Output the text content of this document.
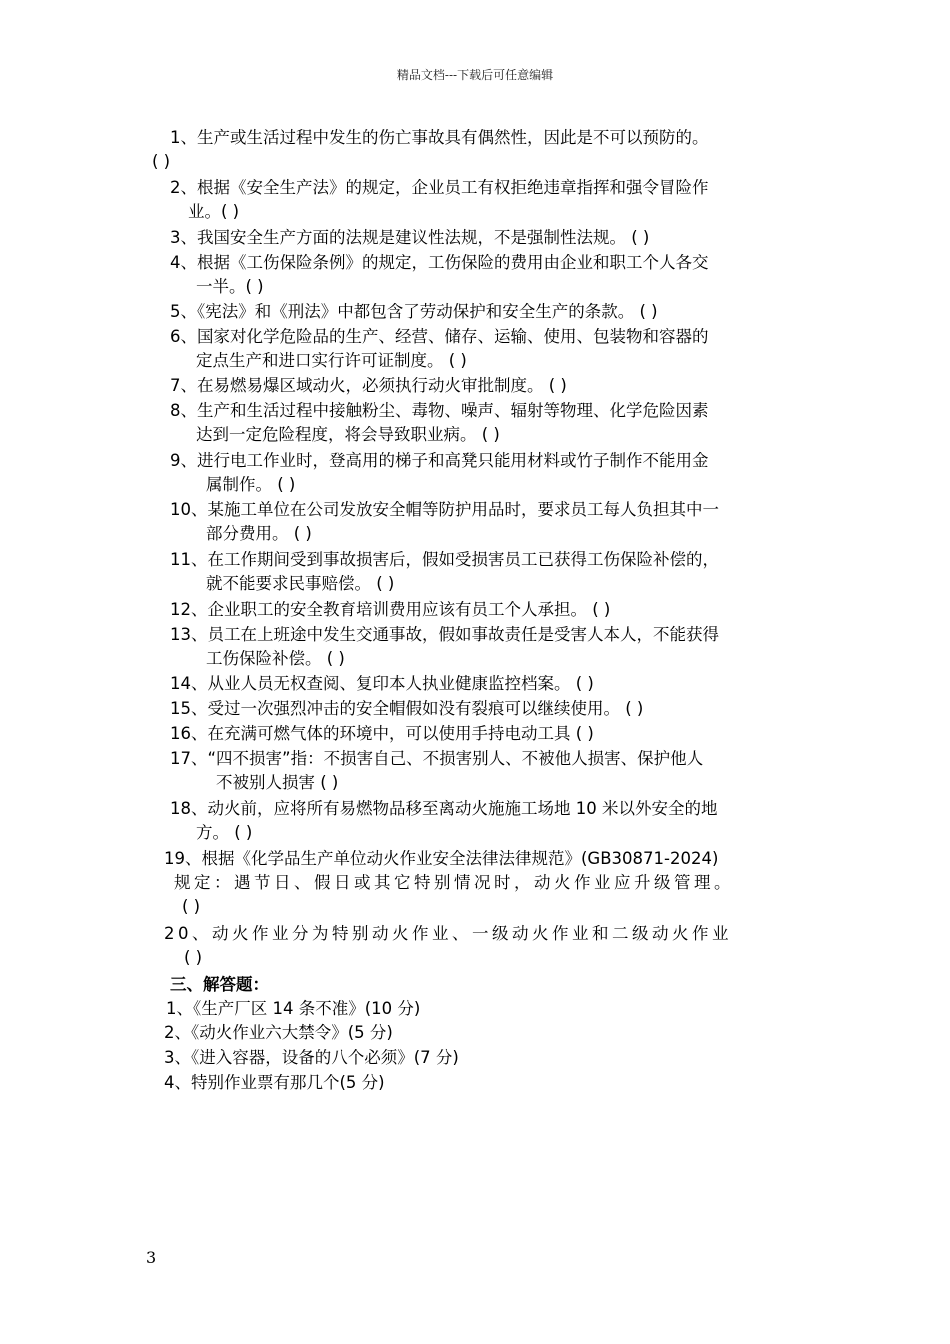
精品文档---下载后可任意编辑
1、生产或生活过程中发生的伤亡事故具有偶然性，因此是不可以预防的。
( )
2、根据《安全生产法》的规定，企业员工有权拒绝违章指挥和强令冒险作
业。( )
3、我国安全生产方面的法规是建议性法规，不是强制性法规。 ( )
4、根据《工伤保险条例》的规定，工伤保险的费用由企业和职工个人各交
一半。( )
5、《宪法》和《刑法》中都包含了劳动保护和安全生产的条款。 ( )
6、国家对化学危险品的生产、经营、储存、运输、使用、包装物和容器的
定点生产和进口实行许可证制度。 ( )
7、在易燃易爆区域动火，必须执行动火审批制度。 ( )
8、生产和生活过程中接触粉尘、毒物、噪声、辐射等物理、化学危险因素
达到一定危险程度，将会导致职业病。 ( )
9、进行电工作业时，登高用的梯子和高凳只能用材料或竹子制作不能用金
属制作。 ( )
10、某施工单位在公司发放安全帽等防护用品时，要求员工每人负担其中一
部分费用。 ( )
11、在工作期间受到事故损害后，假如受损害员工已获得工伤保险补偿的，
就不能要求民事赔偿。 ( )
12、企业职工的安全教育培训费用应该有员工个人承担。 ( )
13、员工在上班途中发生交通事故，假如事故责任是受害人本人，不能获得
工伤保险补偿。 ( )
14、从业人员无权查阅、复印本人执业健康监控档案。 ( )
15、受过一次强烈冲击的安全帽假如没有裂痕可以继续使用。 ( )
16、在充满可燃气体的环境中，可以使用手持电动工具 ( )
17、“四不损害”指：不损害自己、不损害别人、不被他人损害、保护他人
不被别人损害 ( )
18、动火前，应将所有易燃物品移至离动火施施工场地 10 米以外安全的地
方。 ( )
19、根据《化学品生产单位动火作业安全法律法律规范》(GB30871-2024)
规定：遇节日、假日或其它特别情况时，动火作业应升级管理。
( )
20、动火作业分为特别动火作业、一级动火作业和二级动火作业
( )
三、解答题：
1、《生产厂区 14 条不准》(10 分)
2、《动火作业六大禁令》(5 分)
3、《进入容器，设备的八个必须》(7 分)
4、特别作业票有那几个(5 分)
3
